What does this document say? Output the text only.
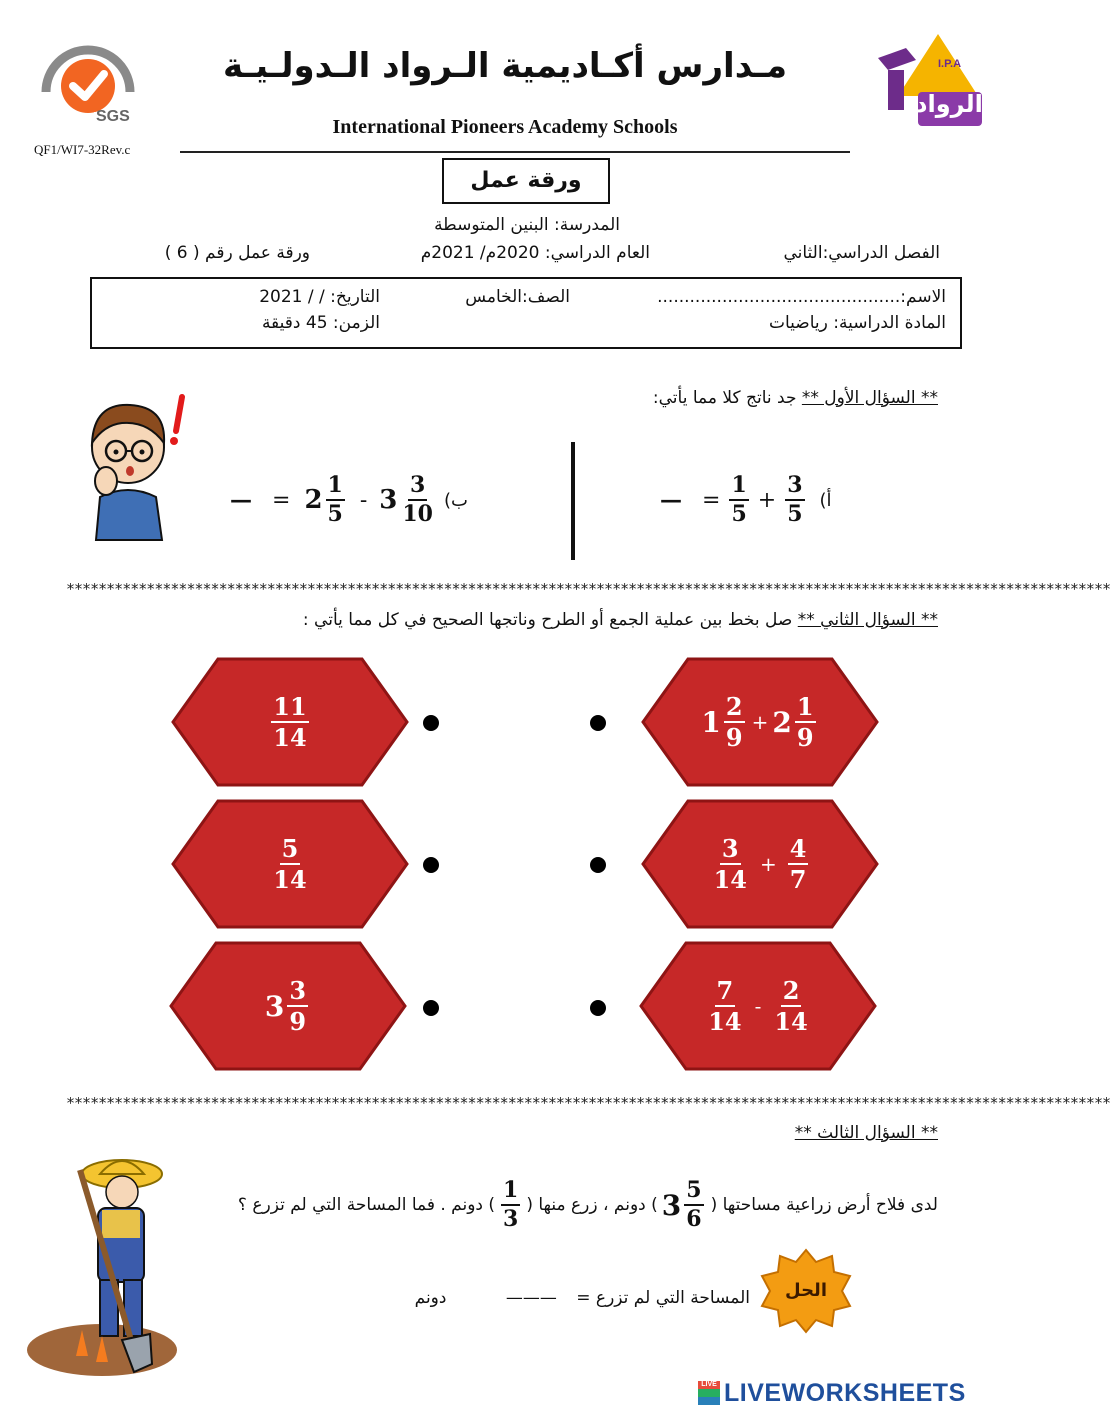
SGS
QF1/WI7-32Rev.c
مـدارس أكـاديمية الـرواد الـدولـيـة
International Pioneers Academy Schools
I.P.A
الرواد
ورقة عمل
المدرسة: البنين المتوسطة
الفصل الدراسي:الثاني
العام الدراسي: 2020م/ 2021م
ورقة عمل رقم ( 6 )
الاسم:.............................................
الصف:الخامس
التاريخ: / / 2021
المادة الدراسية: رياضيات
الزمن: 45 دقيقة
** السؤال الأول ** جد ناتج كلا مما يأتي:
— = $\frac{1}{5} + \frac{3}{5}$ أ)
— = $2 \frac{1}{5} - 3 \frac{3}{10}$ ب)
**********************************************************************************************************************************
** السؤال الثاني ** صل بخط بين عملية الجمع أو الطرح وناتجها الصحيح في كل مما يأتي :
$1 \frac{2}{9} + 2 \frac{1}{9}$
$\frac{3}{14} + \frac{4}{7}$
$\frac{7}{14} - \frac{2}{14}$
$\frac{11}{14}$
$\frac{5}{14}$
$3 \frac{3}{9}$
**********************************************************************************************************************************
** السؤال الثالث **
لدى فلاح أرض زراعية مساحتها (
$3 \frac{5}{6}$
) دونم ، زرع منها (
$\frac{1}{3}$
) دونم . فما المساحة التي لم تزرع ؟
الحل
المساحة التي لم تزرع = ——— دونم
LIVE LIVEWORKSHEETS
